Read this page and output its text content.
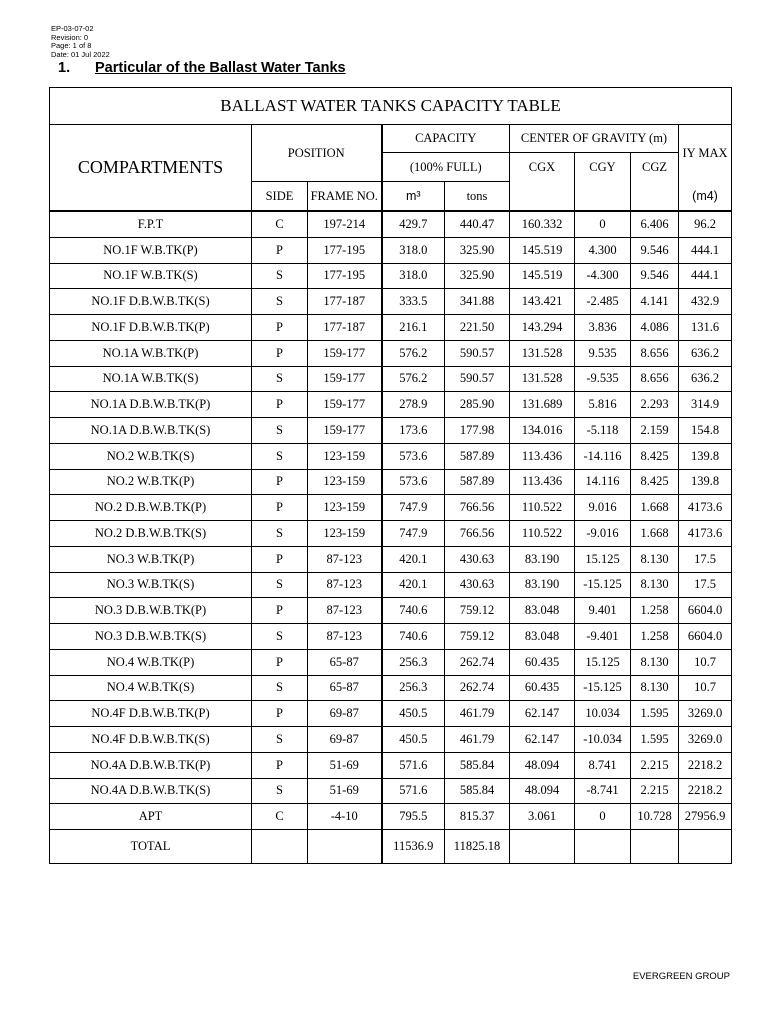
EP-03-07-02
Revision: 0
Page: 1 of 8
Date: 01 Jul 2022
1. Particular of the Ballast Water Tanks
BALLAST WATER TANKS CAPACITY TABLE								
COMPARTMENTS	POSITION		CAPACITY		CENTER OF GRAVITY (m)			IY MAX
			(100% FULL)		CGX	CGY	CGZ	
	SIDE	FRAME NO.	m³	tons				(m4)
F.P.T	C	197-214	429.7	440.47	160.332	0	6.406	96.2
NO.1F W.B.TK(P)	P	177-195	318.0	325.90	145.519	4.300	9.546	444.1
NO.1F W.B.TK(S)	S	177-195	318.0	325.90	145.519	-4.300	9.546	444.1
NO.1F D.B.W.B.TK(S)	S	177-187	333.5	341.88	143.421	-2.485	4.141	432.9
NO.1F D.B.W.B.TK(P)	P	177-187	216.1	221.50	143.294	3.836	4.086	131.6
NO.1A W.B.TK(P)	P	159-177	576.2	590.57	131.528	9.535	8.656	636.2
NO.1A W.B.TK(S)	S	159-177	576.2	590.57	131.528	-9.535	8.656	636.2
NO.1A D.B.W.B.TK(P)	P	159-177	278.9	285.90	131.689	5.816	2.293	314.9
NO.1A D.B.W.B.TK(S)	S	159-177	173.6	177.98	134.016	-5.118	2.159	154.8
NO.2 W.B.TK(S)	S	123-159	573.6	587.89	113.436	-14.116	8.425	139.8
NO.2 W.B.TK(P)	P	123-159	573.6	587.89	113.436	14.116	8.425	139.8
NO.2 D.B.W.B.TK(P)	P	123-159	747.9	766.56	110.522	9.016	1.668	4173.6
NO.2 D.B.W.B.TK(S)	S	123-159	747.9	766.56	110.522	-9.016	1.668	4173.6
NO.3 W.B.TK(P)	P	87-123	420.1	430.63	83.190	15.125	8.130	17.5
NO.3 W.B.TK(S)	S	87-123	420.1	430.63	83.190	-15.125	8.130	17.5
NO.3 D.B.W.B.TK(P)	P	87-123	740.6	759.12	83.048	9.401	1.258	6604.0
NO.3 D.B.W.B.TK(S)	S	87-123	740.6	759.12	83.048	-9.401	1.258	6604.0
NO.4 W.B.TK(P)	P	65-87	256.3	262.74	60.435	15.125	8.130	10.7
NO.4 W.B.TK(S)	S	65-87	256.3	262.74	60.435	-15.125	8.130	10.7
NO.4F D.B.W.B.TK(P)	P	69-87	450.5	461.79	62.147	10.034	1.595	3269.0
NO.4F D.B.W.B.TK(S)	S	69-87	450.5	461.79	62.147	-10.034	1.595	3269.0
NO.4A D.B.W.B.TK(P)	P	51-69	571.6	585.84	48.094	8.741	2.215	2218.2
NO.4A D.B.W.B.TK(S)	S	51-69	571.6	585.84	48.094	-8.741	2.215	2218.2
APT	C	-4-10	795.5	815.37	3.061	0	10.728	27956.9
TOTAL			11536.9	11825.18				
EVERGREEN GROUP
